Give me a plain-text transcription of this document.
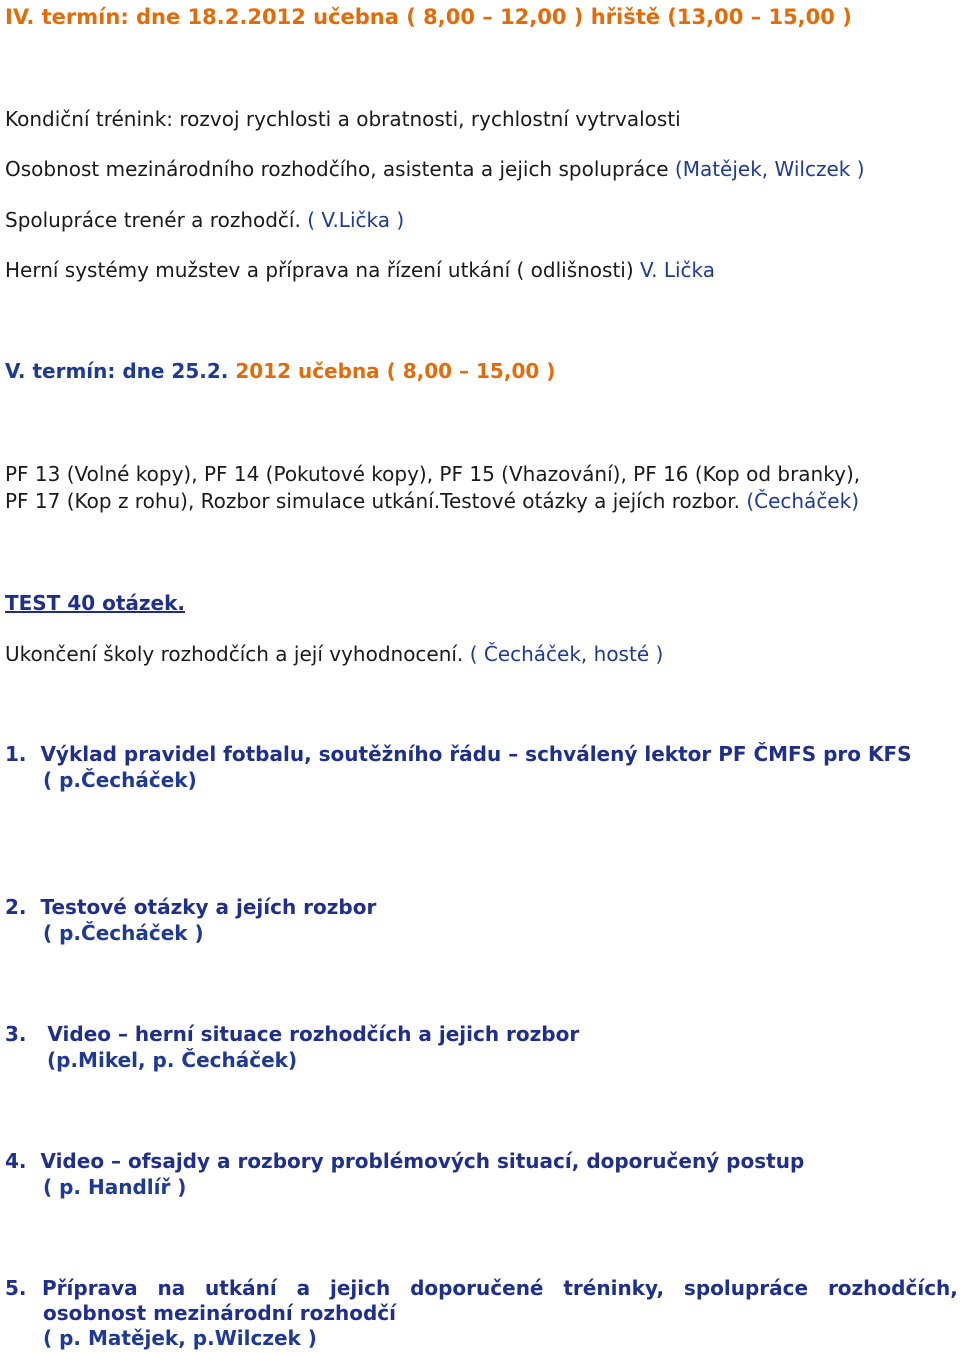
IV. termín: dne 18.2.2012 učebna ( 8,00 – 12,00 ) hřiště (13,00 – 15,00 )
Kondiční trénink: rozvoj rychlosti a obratnosti, rychlostní vytrvalosti
Osobnost mezinárodního rozhodčího, asistenta a jejich spolupráce (Matějek, Wilczek )
Spolupráce trenér a rozhodčí. ( V.Lička )
Herní systémy mužstev a příprava na řízení utkání ( odlišnosti) V. Lička
V. termín: dne 25.2. 2012 učebna ( 8,00 – 15,00 )
PF 13 (Volné kopy), PF 14 (Pokutové kopy), PF 15 (Vhazování), PF 16 (Kop od branky),
PF 17 (Kop z rohu), Rozbor simulace utkání.Testové otázky a jejích rozbor. (Čecháček)
TEST 40 otázek.
Ukončení školy rozhodčích a její vyhodnocení. ( Čecháček, hosté )
1. Výklad pravidel fotbalu, soutěžního řádu – schválený lektor PF ČMFS pro KFS
( p.Čecháček)
2. Testové otázky a jejích rozbor
( p.Čecháček )
3. Video – herní situace rozhodčích a jejich rozbor
(p.Mikel, p. Čecháček)
4. Video – ofsajdy a rozbory problémových situací, doporučený postup
( p. Handlíř )
5. Příprava na utkání a jejich doporučené tréninky, spolupráce rozhodčích,
osobnost mezinárodní rozhodčí
( p. Matějek, p.Wilczek )
